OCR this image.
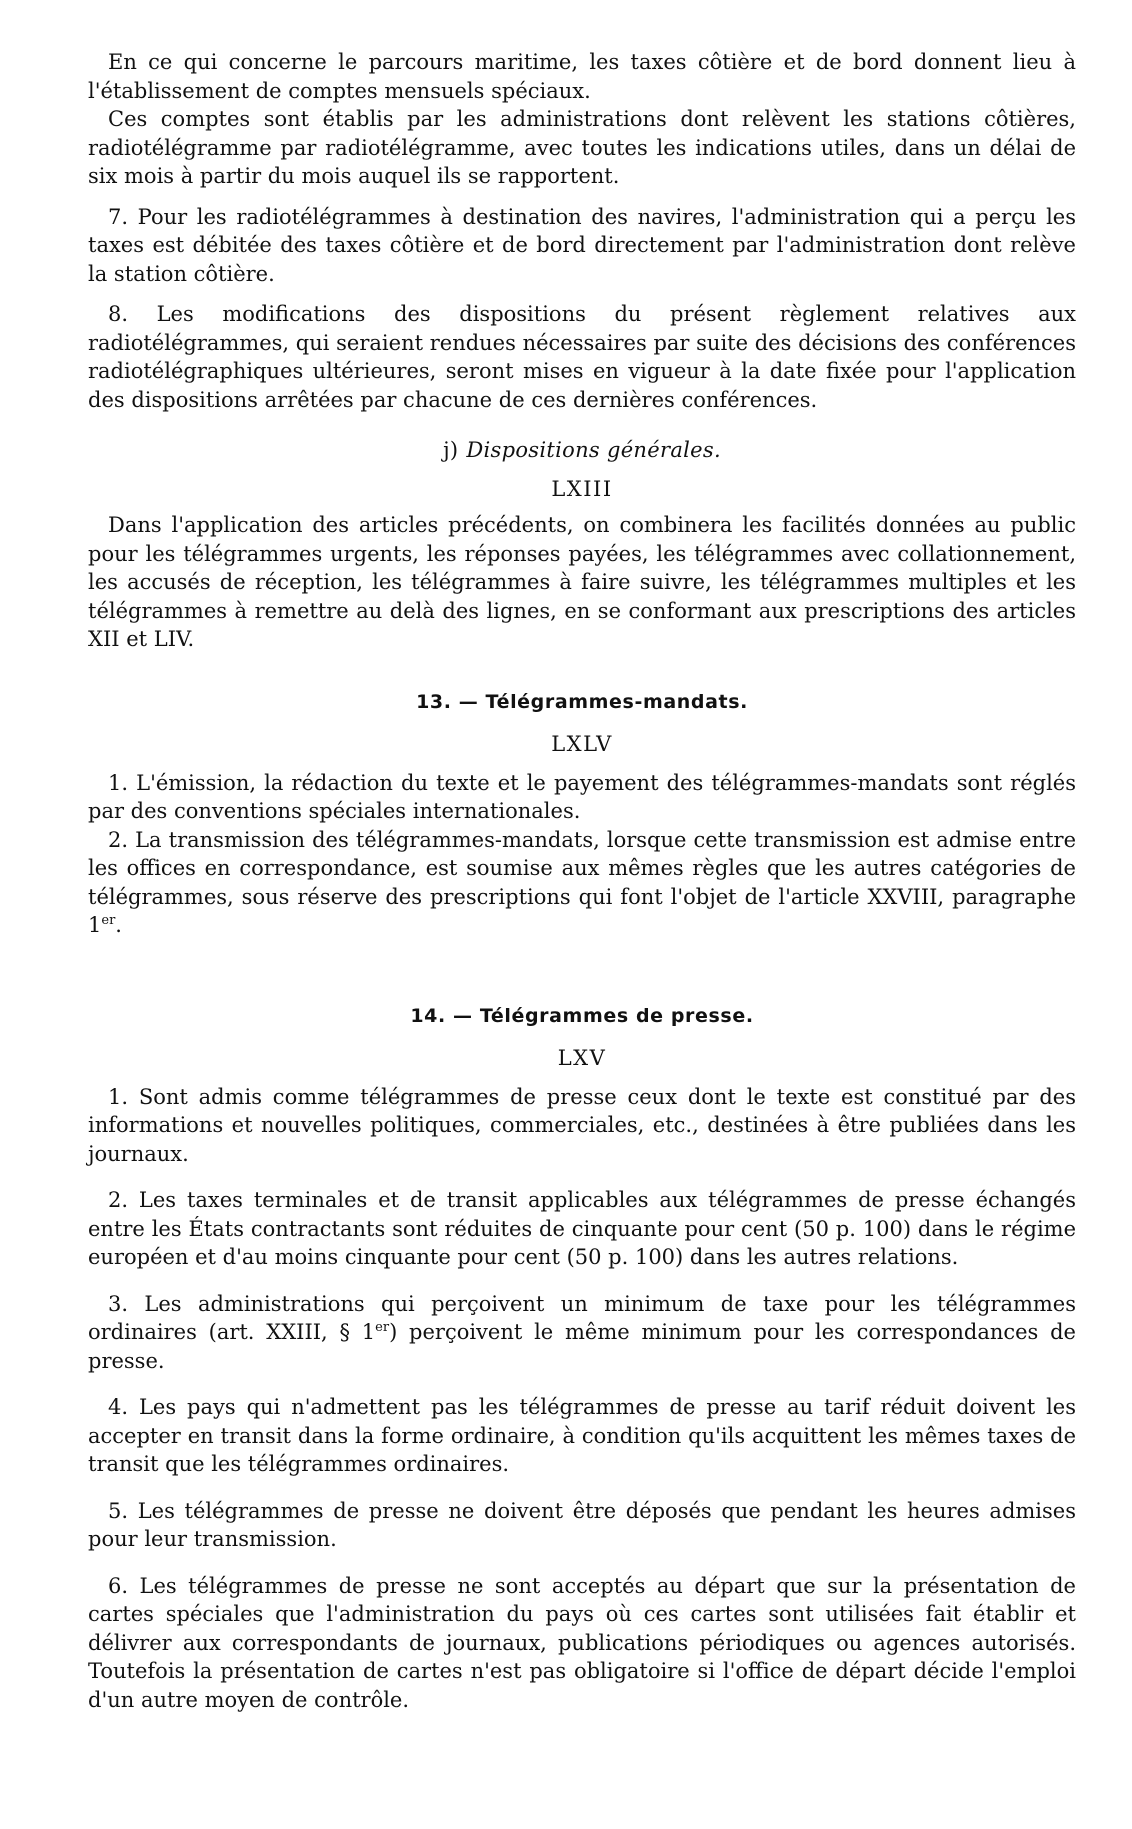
En ce qui concerne le parcours maritime, les taxes côtière et de bord donnent lieu à l'établissement de comptes mensuels spéciaux.

Ces comptes sont établis par les administrations dont relèvent les stations côtières, radiotélégramme par radiotélégramme, avec toutes les indications utiles, dans un délai de six mois à partir du mois auquel ils se rapportent.

7. Pour les radiotélégrammes à destination des navires, l'administration qui a perçu les taxes est débitée des taxes côtière et de bord directement par l'administration dont relève la station côtière.

8. Les modifications des dispositions du présent règlement relatives aux radiotélégrammes, qui seraient rendues nécessaires par suite des décisions des conférences radiotélégraphiques ultérieures, seront mises en vigueur à la date fixée pour l'application des dispositions arrêtées par chacune de ces dernières conférences.

j) Dispositions générales.
LXIII

Dans l'application des articles précédents, on combinera les facilités données au public pour les télégrammes urgents, les réponses payées, les télégrammes avec collationnement, les accusés de réception, les télégrammes à faire suivre, les télégrammes multiples et les télégrammes à remettre au delà des lignes, en se conformant aux prescriptions des articles XII et LIV.

13. — Télégrammes-mandats.
LXLV

1. L'émission, la rédaction du texte et le payement des télégrammes-mandats sont réglés par des conventions spéciales internationales.

2. La transmission des télégrammes-mandats, lorsque cette transmission est admise entre les offices en correspondance, est soumise aux mêmes règles que les autres catégories de télégrammes, sous réserve des prescriptions qui font l'objet de l'article XXVIII, paragraphe 1er.

14. — Télégrammes de presse.
LXV

1. Sont admis comme télégrammes de presse ceux dont le texte est constitué par des informations et nouvelles politiques, commerciales, etc., destinées à être publiées dans les journaux.

2. Les taxes terminales et de transit applicables aux télégrammes de presse échangés entre les États contractants sont réduites de cinquante pour cent (50 p. 100) dans le régime européen et d'au moins cinquante pour cent (50 p. 100) dans les autres relations.

3. Les administrations qui perçoivent un minimum de taxe pour les télégrammes ordinaires (art. XXIII, § 1er) perçoivent le même minimum pour les correspondances de presse.

4. Les pays qui n'admettent pas les télégrammes de presse au tarif réduit doivent les accepter en transit dans la forme ordinaire, à condition qu'ils acquittent les mêmes taxes de transit que les télégrammes ordinaires.

5. Les télégrammes de presse ne doivent être déposés que pendant les heures admises pour leur transmission.

6. Les télégrammes de presse ne sont acceptés au départ que sur la présentation de cartes spéciales que l'administration du pays où ces cartes sont utilisées fait établir et délivrer aux correspondants de journaux, publications périodiques ou agences autorisés. Toutefois la présentation de cartes n'est pas obligatoire si l'office de départ décide l'emploi d'un autre moyen de contrôle.
